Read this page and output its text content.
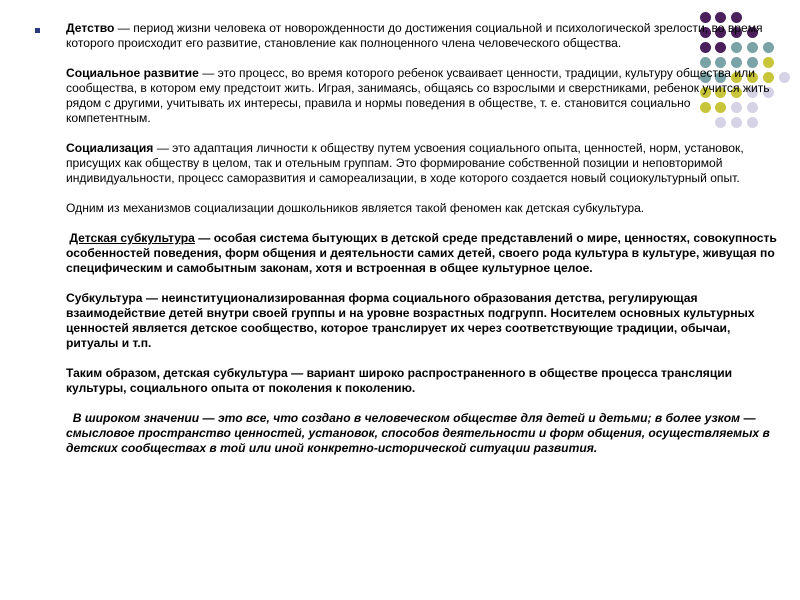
Детство — период жизни человека от новорожденности до достижения социальной и психологической зрелости, во время которого происходит его развитие, становление как полноценного члена человеческого общества.

Социальное развитие — это процесс, во время которого ребенок усваивает ценности, традиции, культуру общества или сообщества, в котором ему предстоит жить. Играя, занимаясь, общаясь со взрослыми и сверстниками, ребенок учится жить рядом с другими, учитывать их интересы, правила и нормы поведения в обществе, т. е. становится социально компетентным.

Социализация — это адаптация личности к обществу путем усвоения социального опыта, ценностей, норм, установок, присущих как обществу в целом, так и отельным группам. Это формирование собственной позиции и неповторимой индивидуальности, процесс саморазвития и самореализации, в ходе которого создается новый социокультурный опыт.

Одним из механизмов социализации дошкольников является такой феномен как детская субкультура.

Детская субкультура — особая система бытующих в детской среде представлений о мире, ценностях, совокупность особенностей поведения, форм общения и деятельности самих детей, своего рода культура в культуре, живущая по специфическим и самобытным законам, хотя и встроенная в общее культурное целое.

Субкультура — неинституционализированная форма социального образования детства, регулирующая взаимодействие детей внутри своей группы и на уровне возрастных подгрупп. Носителем основных культурных ценностей является детское сообщество, которое транслирует их через соответствующие традиции, обычаи, ритуалы и т.п.

Таким образом, детская субкультура — вариант широко распространенного в обществе процесса трансляции культуры, социального опыта от поколения к поколению.

В широком значении — это все, что создано в человеческом обществе для детей и детьми; в более узком — смысловое пространство ценностей, установок, способов деятельности и форм общения, осуществляемых в детских сообществах в той или иной конкретно-исторической ситуации развития.
